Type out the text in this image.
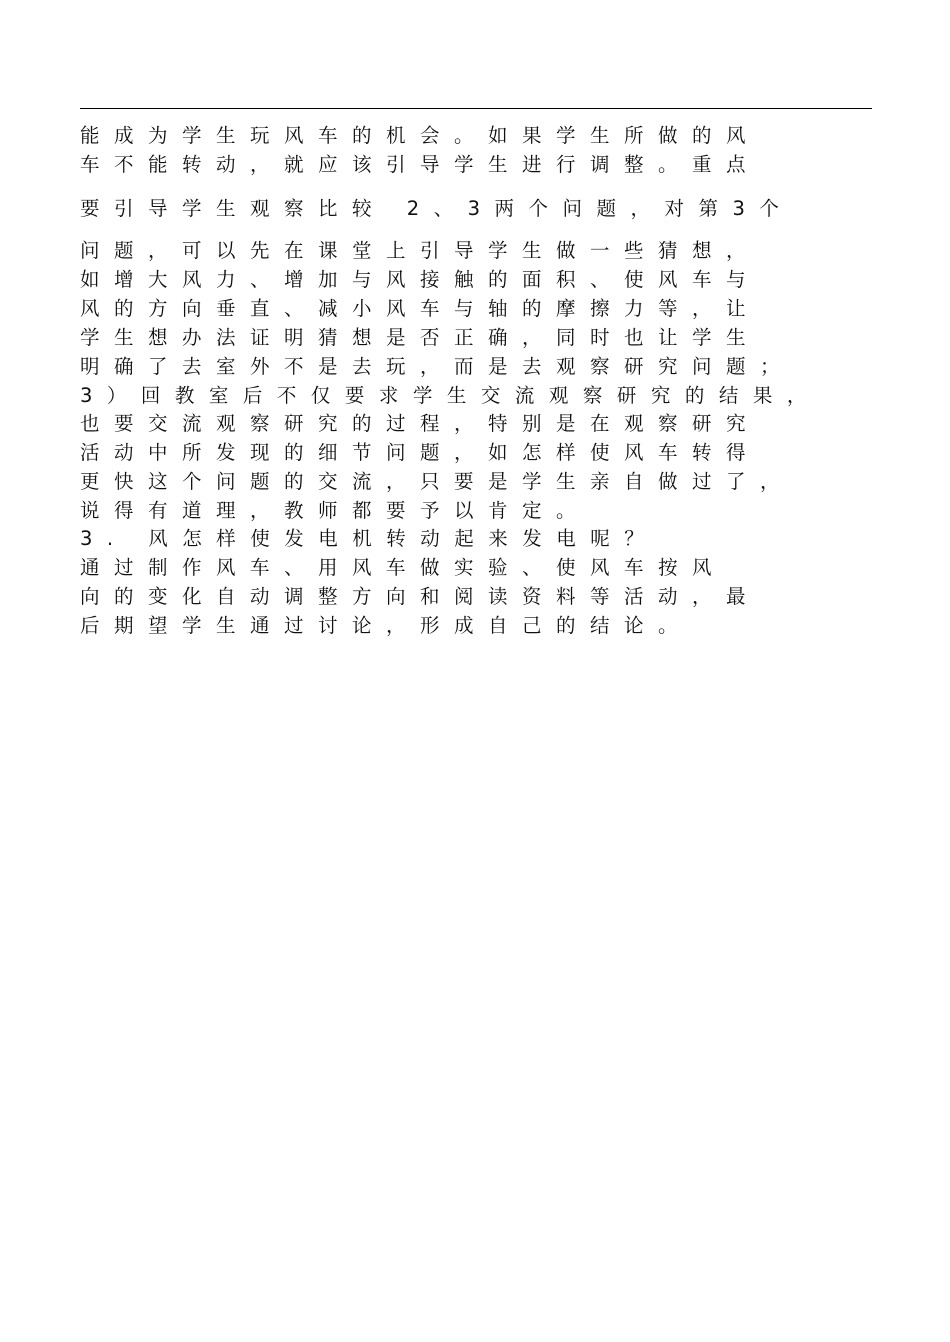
能成为学生玩风车的机会。如果学生所做的风
车不能转动，就应该引导学生进行调整。重点
要引导学生观察比较 2、3两个问题，对第3个
问题，可以先在课堂上引导学生做一些猜想，
如增大风力、增加与风接触的面积、使风车与
风的方向垂直、减小风车与轴的摩擦力等，让
学生想办法证明猜想是否正确，同时也让学生
明确了去室外不是去玩，而是去观察研究问题；
3）回教室后不仅要求学生交流观察研究的结果，
也要交流观察研究的过程，特别是在观察研究
活动中所发现的细节问题，如怎样使风车转得
更快这个问题的交流，只要是学生亲自做过了，
说得有道理，教师都要予以肯定。
3. 风怎样使发电机转动起来发电呢？
通过制作风车、用风车做实验、使风车按风
向的变化自动调整方向和阅读资料等活动，最
后期望学生通过讨论，形成自己的结论。
